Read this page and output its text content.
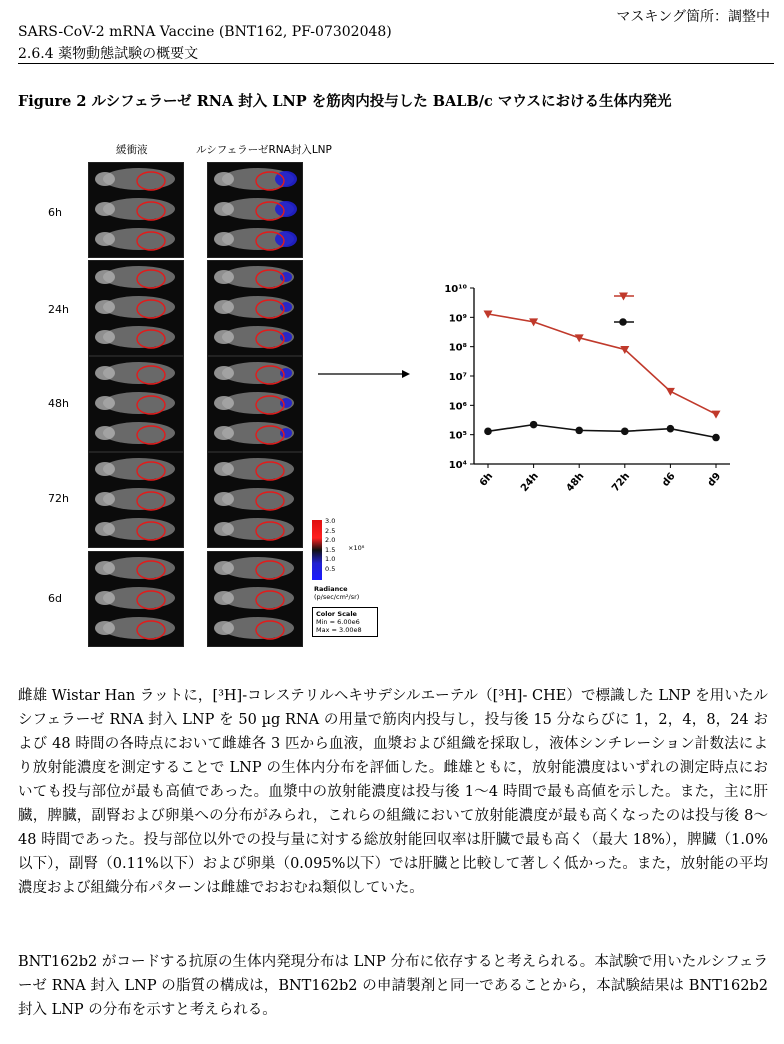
マスキング箇所：調整中
SARS-CoV-2 mRNA Vaccine (BNT162, PF-07302048)
2.6.4 薬物動態試験の概要文
Figure 2 ルシフェラーゼ RNA 封入 LNP を筋肉内投与した BALB/c マウスにおける生体内発光
緩衝液	ルシフェラーゼRNA封入LNP
6h
24h
48h
72h
6d
3.0
2.5
2.0
1.5
1.0
0.5
×10⁸
Radiance
(p/sec/cm²/sr)
Color Scale
Min = 6.00e6
Max = 3.00e8
10⁴
10⁵
10⁶
10⁷
10⁸
10⁹
10¹⁰
6h 24h 48h 72h	d6	d9
雌雄 Wistar Han ラットに，[³H]-コレステリルヘキサデシルエーテル（[³H]- CHE）で標識した LNP を用いたルシフェラーゼ RNA 封入 LNP を 50 µg RNA の用量で筋肉内投与し，投与後 15 分ならびに 1，2，4，8，24 および 48 時間の各時点において雌雄各 3 匹から血液，血漿および組織を採取し，液体シンチレーション計数法により放射能濃度を測定することで LNP の生体内分布を評価した。雌雄ともに，放射能濃度はいずれの測定時点においても投与部位が最も高値であった。血漿中の放射能濃度は投与後 1～4 時間で最も高値を示した。また，主に肝臓，脾臓，副腎および卵巣への分布がみられ，これらの組織において放射能濃度が最も高くなったのは投与後 8～48 時間であった。投与部位以外での投与量に対する総放射能回収率は肝臓で最も高く（最大 18%），脾臓（1.0%以下），副腎（0.11%以下）および卵巣（0.095%以下）では肝臓と比較して著しく低かった。また，放射能の平均濃度および組織分布パターンは雌雄でおおむね類似していた。
BNT162b2 がコードする抗原の生体内発現分布は LNP 分布に依存すると考えられる。本試験で用いたルシフェラーゼ RNA 封入 LNP の脂質の構成は，BNT162b2 の申請製剤と同一であることから，本試験結果は BNT162b2 封入 LNP の分布を示すと考えられる。
